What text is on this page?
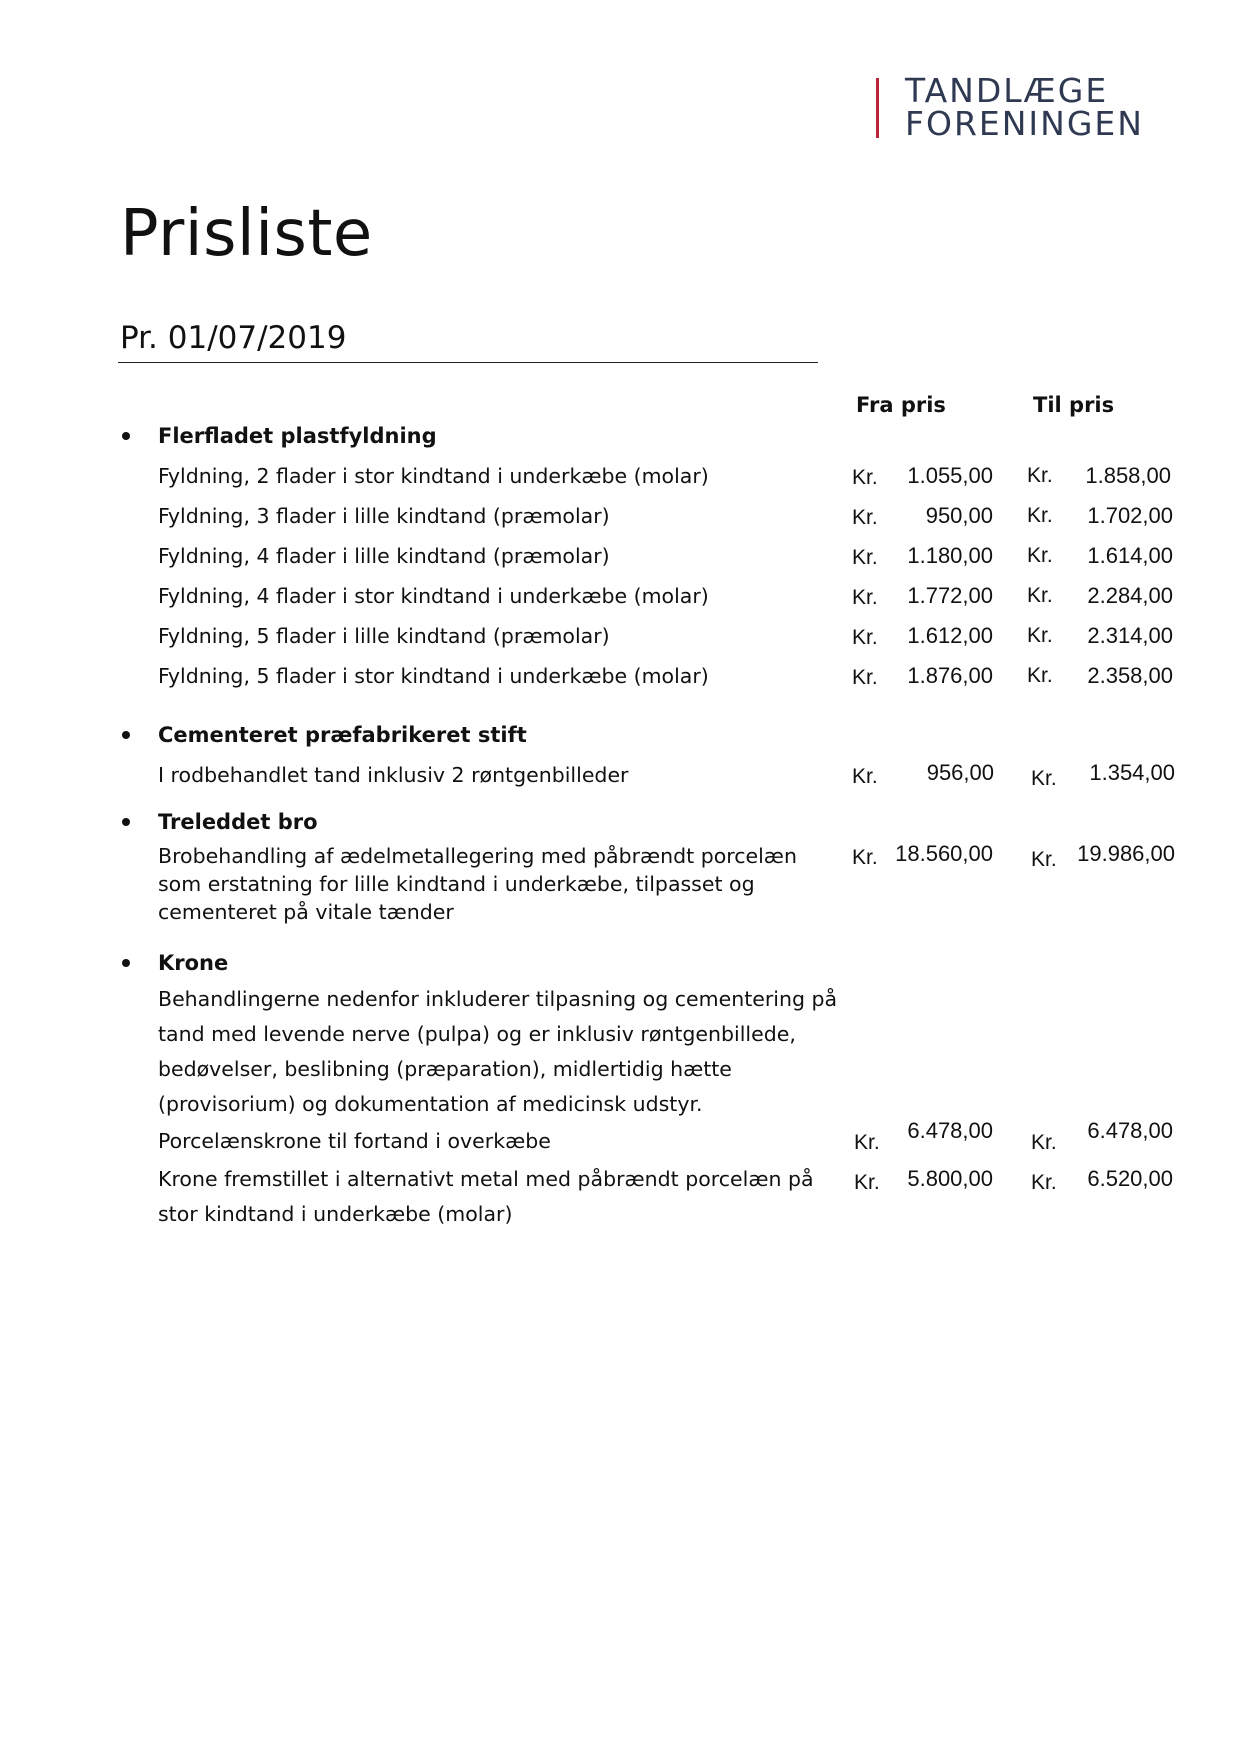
TANDLÆGE
FORENINGEN
Prisliste
Pr. 01/07/2019
Fra pris	Til pris
Flerfladet plastfyldning
Fyldning, 2 flader i stor kindtand i underkæbe (molar)	Kr.	1.055,00 Kr.	1.858,00
Fyldning, 3 flader i lille kindtand (præmolar)	Kr.	950,00 Kr.	1.702,00
Fyldning, 4 flader i lille kindtand (præmolar)	Kr.	1.180,00 Kr.	1.614,00
Fyldning, 4 flader i stor kindtand i underkæbe (molar)	Kr.	1.772,00 Kr.	2.284,00
Fyldning, 5 flader i lille kindtand (præmolar)	Kr.	1.612,00 Kr.	2.314,00
Fyldning, 5 flader i stor kindtand i underkæbe (molar)	Kr.	1.876,00 Kr.	2.358,00
Cementeret præfabrikeret stift
I rodbehandlet tand inklusiv 2 røntgenbilleder	Kr.	956,00 Kr.	1.354,00
Treleddet bro
Brobehandling af ædelmetallegering med påbrændt porcelæn
som erstatning for lille kindtand i underkæbe, tilpasset og
cementeret på vitale tænder
Kr. 18.560,00 Kr. 19.986,00
Krone
Behandlingerne nedenfor inkluderer tilpasning og cementering på
tand med levende nerve (pulpa) og er inklusiv røntgenbillede,
bedøvelser, beslibning (præparation), midlertidig hætte
(provisorium) og dokumentation af medicinsk udstyr.
Porcelænskrone til fortand i overkæbe	Kr.	6.478,00 Kr.	6.478,00
Krone fremstillet i alternativt metal med påbrændt porcelæn på
stor kindtand i underkæbe (molar)
Kr.	5.800,00 Kr.	6.520,00
